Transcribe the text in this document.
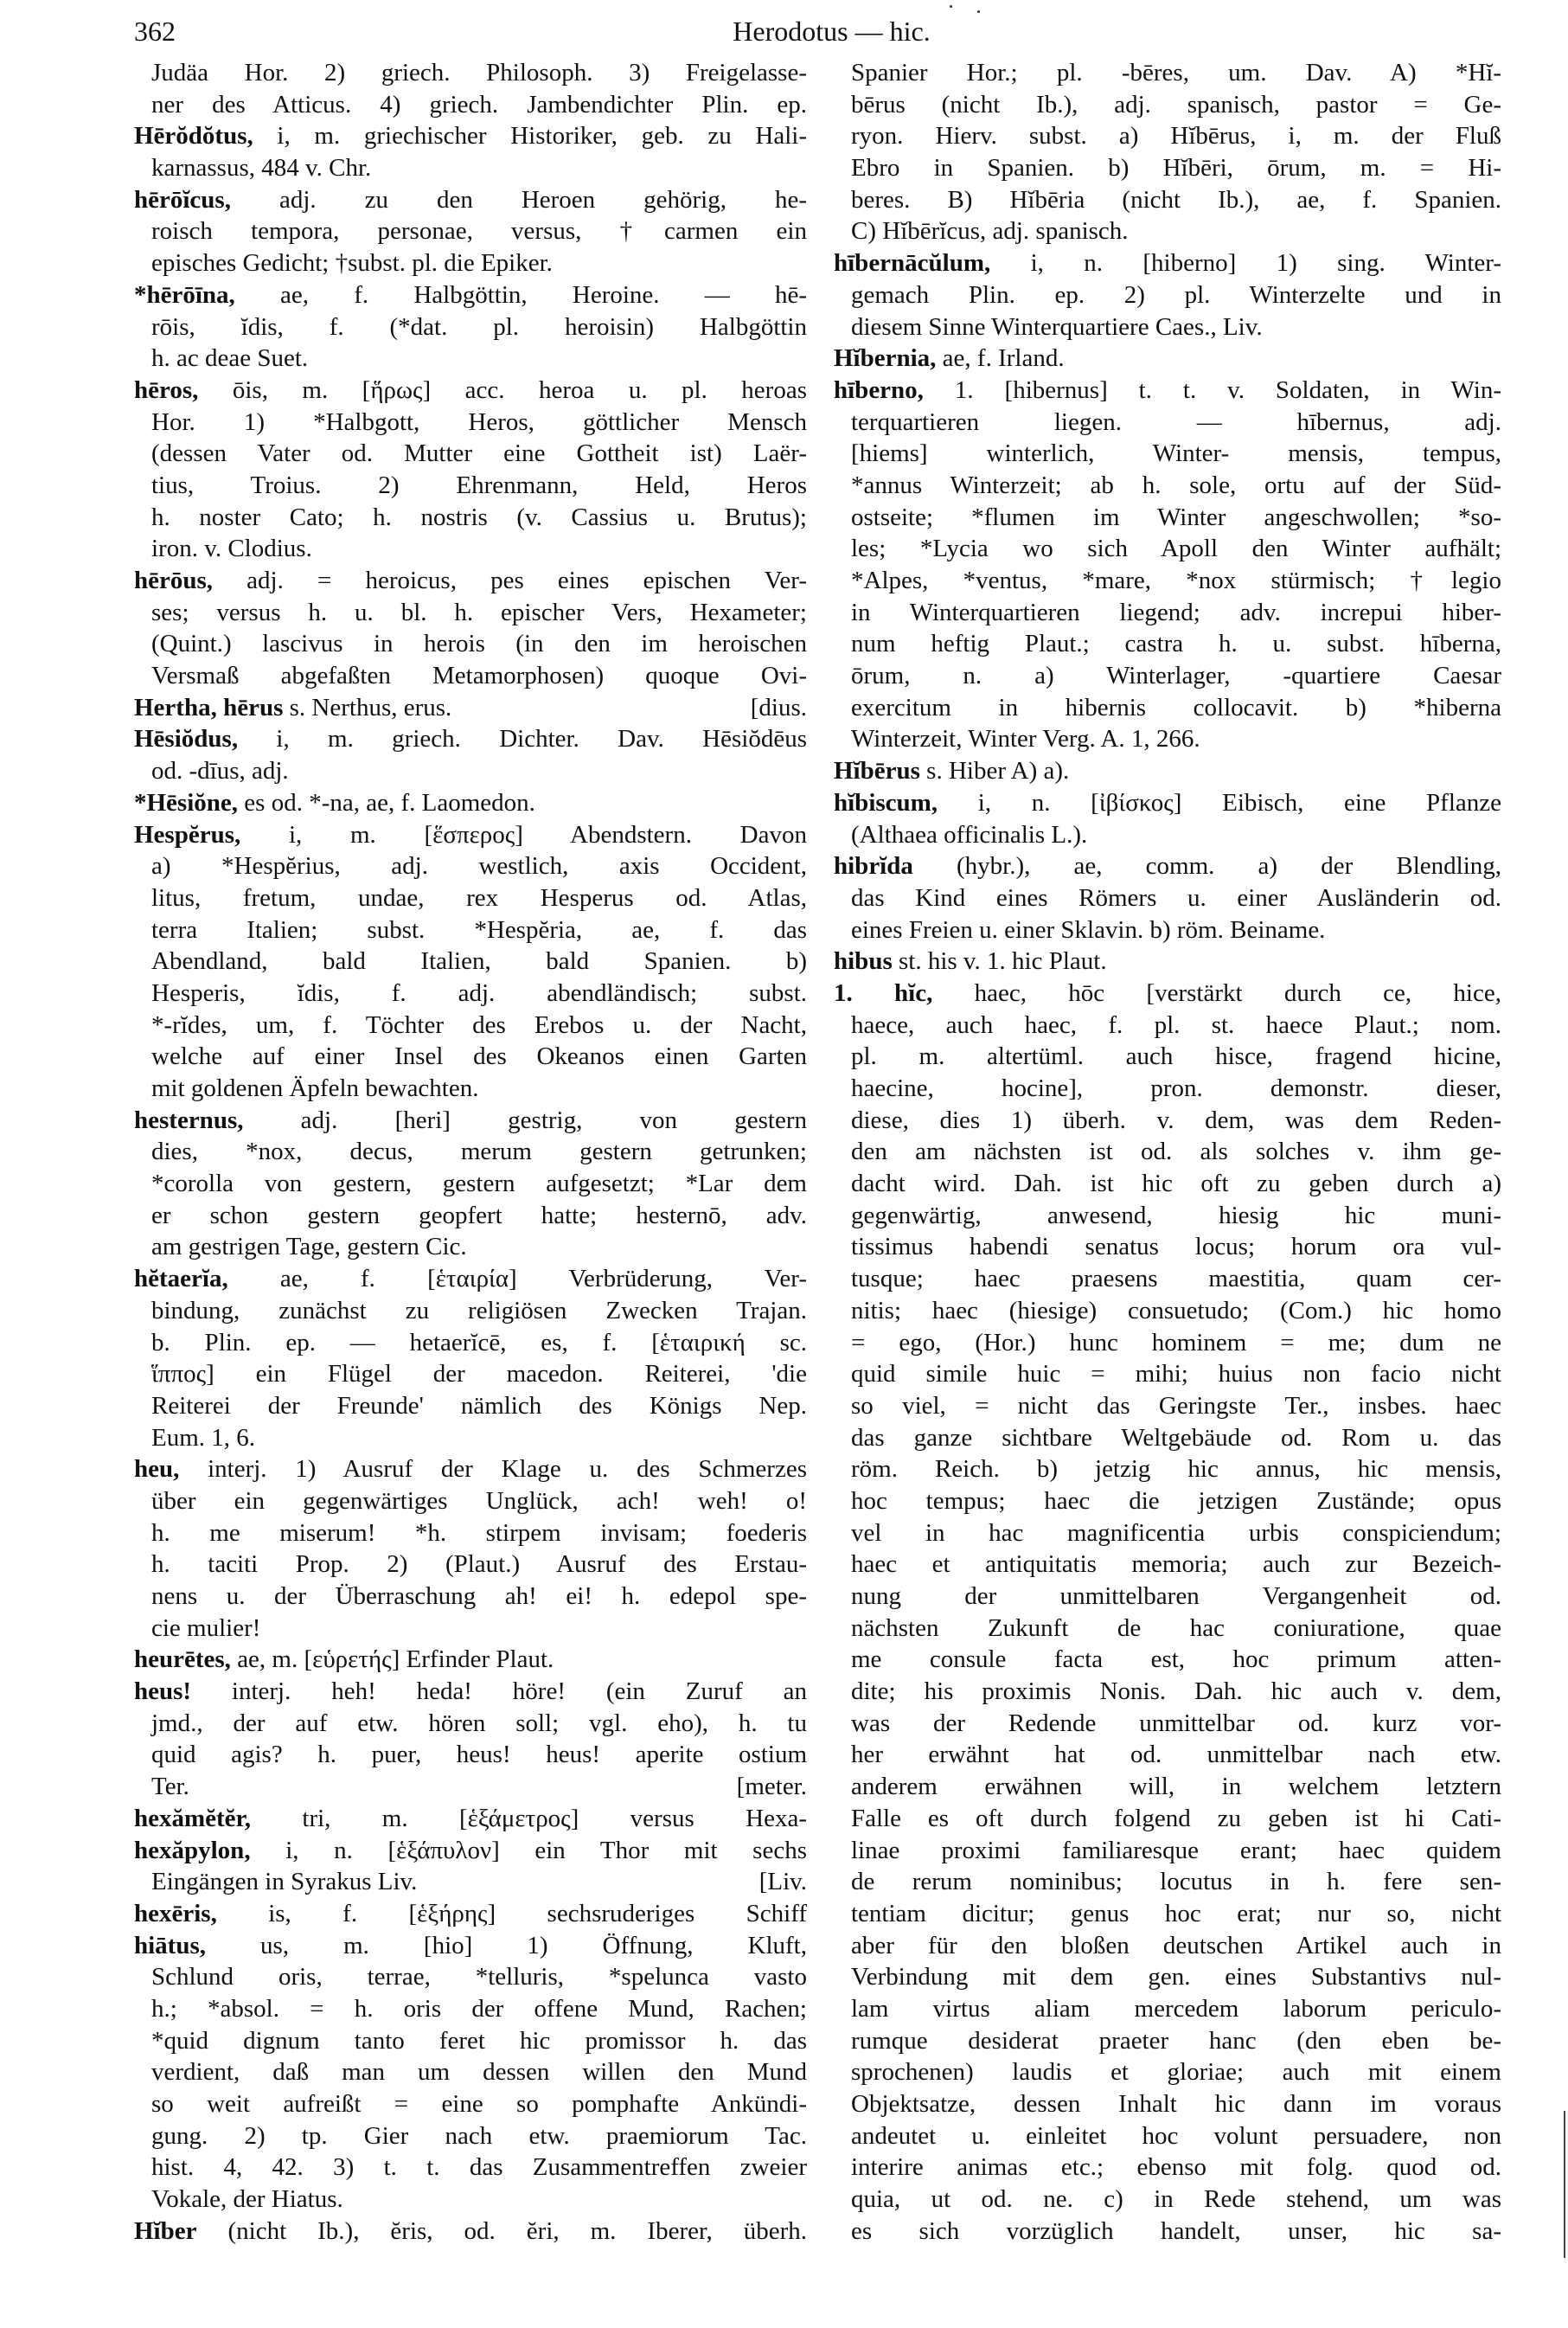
362	Herodotus — hic.
Judäa Hor. 2) griech. Philosoph. 3) Freigelasse-
ner des Atticus. 4) griech. Jambendichter Plin. ep.
Hērŏdŏtus, i, m. griechischer Historiker, geb. zu Hali-
karnassus, 484 v. Chr.
hērōĭcus, adj. zu den Heroen gehörig, he-
roisch tempora, personae, versus, †carmen ein
episches Gedicht; †subst. pl. die Epiker.
*hērōīna, ae, f. Halbgöttin, Heroine. — hē-
rōis, ĭdis, f. (*dat. pl. heroisin) Halbgöttin
h. ac deae Suet.
hēros, ōis, m. [ἥρως] acc. heroa u. pl. heroas
Hor. 1) *Halbgott, Heros, göttlicher Mensch
(dessen Vater od. Mutter eine Gottheit ist) Laër-
tius, Troius. 2) Ehrenmann, Held, Heros
h. noster Cato; h. nostris (v. Cassius u. Brutus);
iron. v. Clodius.
hērōus, adj. = heroicus, pes eines epischen Ver-
ses; versus h. u. bl. h. epischer Vers, Hexameter;
(Quint.) lascivus in herois (in den im heroischen
Versmaß abgefaßten Metamorphosen) quoque Ovi-
Hertha, hērus s. Nerthus, erus.	[dius.
Hēsiŏdus, i, m. griech. Dichter. Dav. Hēsiŏdēus
od. -dīus, adj.
*Hēsiŏne, es od. *-na, ae, f. Laomedon.
Hespĕrus, i, m. [ἕσπερος] Abendstern. Davon
a) *Hespĕrius, adj. westlich, axis Occident,
litus, fretum, undae, rex Hesperus od. Atlas,
terra Italien; subst. *Hespĕria, ae, f. das
Abendland, bald Italien, bald Spanien. b)
Hesperis, ĭdis, f. adj. abendländisch; subst.
*-rĭdes, um, f. Töchter des Erebos u. der Nacht,
welche auf einer Insel des Okeanos einen Garten
mit goldenen Äpfeln bewachten.
hesternus, adj. [heri] gestrig, von gestern
dies, *nox, decus, merum gestern getrunken;
*corolla von gestern, gestern aufgesetzt; *Lar dem
er schon gestern geopfert hatte; hesternō, adv.
am gestrigen Tage, gestern Cic.
hĕtaerĭa, ae, f. [ἑταιρία] Verbrüderung, Ver-
bindung, zunächst zu religiösen Zwecken Trajan.
b. Plin. ep. — hetaerĭcē, es, f. [ἑταιρική sc.
ἵππος] ein Flügel der macedon. Reiterei, 'die
Reiterei der Freunde' nämlich des Königs Nep.
Eum. 1, 6.
heu, interj. 1) Ausruf der Klage u. des Schmerzes
über ein gegenwärtiges Unglück, ach! weh! o!
h. me miserum! *h. stirpem invisam; foederis
h. taciti Prop. 2) (Plaut.) Ausruf des Erstau-
nens u. der Überraschung ah! ei! h. edepol spe-
cie mulier!
heurētes, ae, m. [εὑρετής] Erfinder Plaut.
heus! interj. heh! heda! höre! (ein Zuruf an
jmd., der auf etw. hören soll; vgl. eho), h. tu
quid agis? h. puer, heus! heus! aperite ostium
Ter.	[meter.
hexămĕtĕr, tri, m. [ἑξάμετρος] versus Hexa-
hexăpylon, i, n. [ἑξάπυλον] ein Thor mit sechs
Eingängen in Syrakus Liv.	[Liv.
hexēris, is, f. [ἑξήρης] sechsruderiges Schiff
hiātus, us, m. [hio] 1) Öffnung, Kluft,
Schlund oris, terrae, *telluris, *spelunca vasto
h.; *absol. = h. oris der offene Mund, Rachen;
*quid dignum tanto feret hic promissor h. das
verdient, daß man um dessen willen den Mund
so weit aufreißt = eine so pomphafte Ankündi-
gung. 2) tp. Gier nach etw. praemiorum Tac.
hist. 4, 42. 3) t. t. das Zusammentreffen zweier
Vokale, der Hiatus.
Hĭber (nicht Ib.), ĕris, od. ĕri, m. Iberer, überh.
Spanier Hor.; pl. -bēres, um. Dav. A) *Hĭ-
bērus (nicht Ib.), adj. spanisch, pastor = Ge-
ryon. Hierv. subst. a) Hĭbērus, i, m. der Fluß
Ebro in Spanien. b) Hĭbēri, ōrum, m. = Hi-
beres. B) Hĭbēria (nicht Ib.), ae, f. Spanien.
C) Hĭbērĭcus, adj. spanisch.
hībernācŭlum, i, n. [hiberno] 1) sing. Winter-
gemach Plin. ep. 2) pl. Winterzelte und in
diesem Sinne Winterquartiere Caes., Liv.
Hĭbernia, ae, f. Irland.
hīberno, 1. [hibernus] t. t. v. Soldaten, in Win-
terquartieren liegen. — hībernus, adj.
[hiems] winterlich, Winter- mensis, tempus,
*annus Winterzeit; ab h. sole, ortu auf der Süd-
ostseite; *flumen im Winter angeschwollen; *so-
les; *Lycia wo sich Apoll den Winter aufhält;
*Alpes, *ventus, *mare, *nox stürmisch; †legio
in Winterquartieren liegend; adv. increpui hiber-
num heftig Plaut.; castra h. u. subst. hīberna,
ōrum, n. a) Winterlager, -quartiere Caesar
exercitum in hibernis collocavit. b) *hiberna
Winterzeit, Winter Verg. A. 1, 266.
Hĭbērus s. Hiber A) a).
hĭbiscum, i, n. [ἰβίσκος] Eibisch, eine Pflanze
(Althaea officinalis L.).
hibrĭda (hybr.), ae, comm. a) der Blendling,
das Kind eines Römers u. einer Ausländerin od.
eines Freien u. einer Sklavin. b) röm. Beiname.
hibus st. his v. 1. hic Plaut.
1. hĭc, haec, hōc [verstärkt durch ce, hice,
haece, auch haec, f. pl. st. haece Plaut.; nom.
pl. m. altertüml. auch hisce, fragend hicine,
haecine, hocine], pron. demonstr. dieser,
diese, dies 1) überh. v. dem, was dem Reden-
den am nächsten ist od. als solches v. ihm ge-
dacht wird. Dah. ist hic oft zu geben durch a)
gegenwärtig, anwesend, hiesig hic muni-
tissimus habendi senatus locus; horum ora vul-
tusque; haec praesens maestitia, quam cer-
nitis; haec (hiesige) consuetudo; (Com.) hic homo
= ego, (Hor.) hunc hominem = me; dum ne
quid simile huic = mihi; huius non facio nicht
so viel, = nicht das Geringste Ter., insbes. haec
das ganze sichtbare Weltgebäude od. Rom u. das
röm. Reich. b) jetzig hic annus, hic mensis,
hoc tempus; haec die jetzigen Zustände; opus
vel in hac magnificentia urbis conspiciendum;
haec et antiquitatis memoria; auch zur Bezeich-
nung der unmittelbaren Vergangenheit od.
nächsten Zukunft de hac coniuratione, quae
me consule facta est, hoc primum atten-
dite; his proximis Nonis. Dah. hic auch v. dem,
was der Redende unmittelbar od. kurz vor-
her erwähnt hat od. unmittelbar nach etw.
anderem erwähnen will, in welchem letztern
Falle es oft durch folgend zu geben ist hi Cati-
linae proximi familiaresque erant; haec quidem
de rerum nominibus; locutus in h. fere sen-
tentiam dicitur; genus hoc erat; nur so, nicht
aber für den bloßen deutschen Artikel auch in
Verbindung mit dem gen. eines Substantivs nul-
lam virtus aliam mercedem laborum periculo-
rumque desiderat praeter hanc (den eben be-
sprochenen) laudis et gloriae; auch mit einem
Objektsatze, dessen Inhalt hic dann im voraus
andeutet u. einleitet hoc volunt persuadere, non
interire animas etc.; ebenso mit folg. quod od.
quia, ut od. ne. c) in Rede stehend, um was
es sich vorzüglich handelt, unser, hic sa-
